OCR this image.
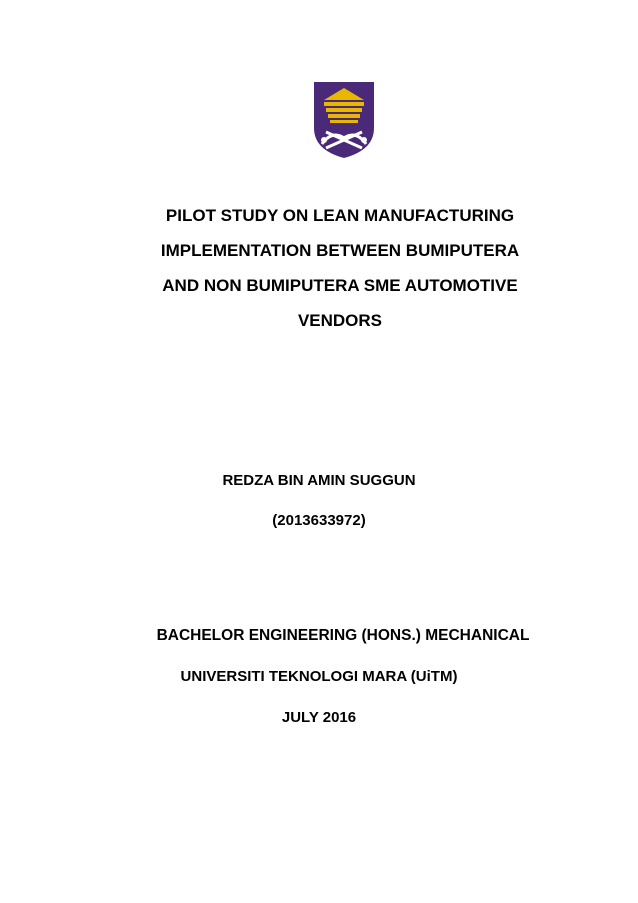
PILOT STUDY ON LEAN MANUFACTURING
IMPLEMENTATION BETWEEN BUMIPUTERA
AND NON BUMIPUTERA SME AUTOMOTIVE
VENDORS
REDZA BIN AMIN SUGGUN
(2013633972)
BACHELOR ENGINEERING (HONS.) MECHANICAL
UNIVERSITI TEKNOLOGI MARA (UiTM)
JULY 2016
